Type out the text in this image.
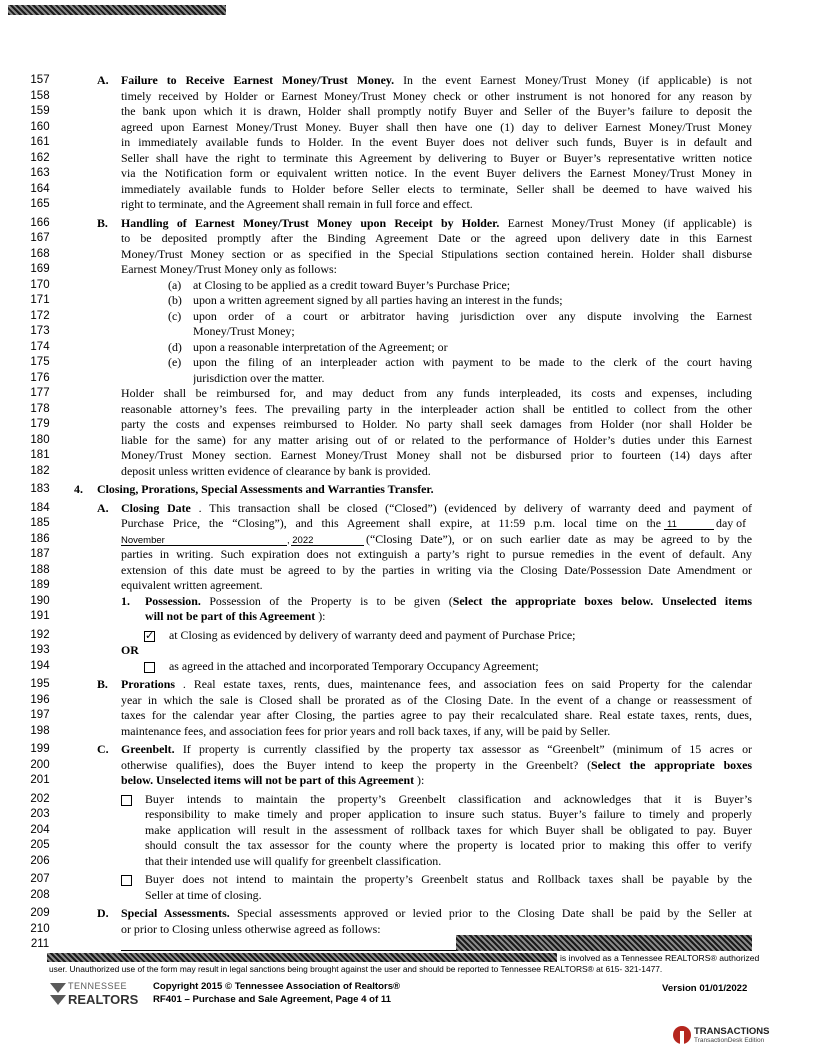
157	A. Failure to Receive Earnest Money/Trust Money. In the event Earnest Money/Trust Money (if applicable) is not
158	timely received by Holder or Earnest Money/Trust Money check or other instrument is not honored for any reason by
159	the bank upon which it is drawn, Holder shall promptly notify Buyer and Seller of the Buyer’s failure to deposit the
160	agreed upon Earnest Money/Trust Money. Buyer shall then have one (1) day to deliver Earnest Money/Trust Money
161	in immediately available funds to Holder. In the event Buyer does not deliver such funds, Buyer is in default and
162	Seller shall have the right to terminate this Agreement by delivering to Buyer or Buyer’s representative written notice
163	via the Notification form or equivalent written notice. In the event Buyer delivers the Earnest Money/Trust Money in
164	immediately available funds to Holder before Seller elects to terminate, Seller shall be deemed to have waived his
165	right to terminate, and the Agreement shall remain in full force and effect.
166	B. Handling of Earnest Money/Trust Money upon Receipt by Holder. Earnest Money/Trust Money (if applicable) is
167	to be deposited promptly after the Binding Agreement Date or the agreed upon delivery date in this Earnest
168	Money/Trust Money section or as specified in the Special Stipulations section contained herein. Holder shall disburse
169	Earnest Money/Trust Money only as follows:
170	(a) at Closing to be applied as a credit toward Buyer’s Purchase Price;
171	(b) upon a written agreement signed by all parties having an interest in the funds;
172	(c) upon order of a court or arbitrator having jurisdiction over any dispute involving the Earnest
173	Money/Trust Money;
174	(d) upon a reasonable interpretation of the Agreement; or
175	(e) upon the filing of an interpleader action with payment to be made to the clerk of the court having
176	jurisdiction over the matter.
177	Holder shall be reimbursed for, and may deduct from any funds interpleaded, its costs and expenses, including
178	reasonable attorney’s fees. The prevailing party in the interpleader action shall be entitled to collect from the other
179	party the costs and expenses reimbursed to Holder. No party shall seek damages from Holder (nor shall Holder be
180	liable for the same) for any matter arising out of or related to the performance of Holder’s duties under this Earnest
181	Money/Trust Money section. Earnest Money/Trust Money shall not be disbursed prior to fourteen (14) days after
182	deposit unless written evidence of clearance by bank is provided.
183	4. Closing, Prorations, Special Assessments and Warranties Transfer.
184	A. Closing Date . This transaction shall be closed (“Closed”) (evidenced by delivery of warranty deed and payment of
185	Purchase Price, the “Closing”), and this Agreement shall expire, at 11:59 p.m. local time on the 11	day of
186	November	, 2022	(“Closing Date”), or on such earlier date as may be agreed to by the
187	parties in writing. Such expiration does not extinguish a party’s right to pursue remedies in the event of default. Any
188	extension of this date must be agreed to by the parties in writing via the Closing Date/Possession Date Amendment or
189	equivalent written agreement.
190	1. Possession. Possession of the Property is to be given (Select the appropriate boxes below. Unselected items
191	will not be part of this Agreement ):
192 ✓	at Closing as evidenced by delivery of warranty deed and payment of Purchase Price;
193	OR
194	as agreed in the attached and incorporated Temporary Occupancy Agreement;
195	B. Prorations . Real estate taxes, rents, dues, maintenance fees, and association fees on said Property for the calendar
196	year in which the sale is Closed shall be prorated as of the Closing Date. In the event of a change or reassessment of
197	taxes for the calendar year after Closing, the parties agree to pay their recalculated share. Real estate taxes, rents, dues,
198	maintenance fees, and association fees for prior years and roll back taxes, if any, will be paid by Seller.
199	C. Greenbelt. If property is currently classified by the property tax assessor as “Greenbelt” (minimum of 15 acres or
200	otherwise qualifies), does the Buyer intend to keep the property in the Greenbelt? (Select the appropriate boxes
201	below. Unselected items will not be part of this Agreement ):
202	Buyer intends to maintain the property’s Greenbelt classification and acknowledges that it is Buyer’s
203	responsibility to make timely and proper application to insure such status. Buyer’s failure to timely and properly
204	make application will result in the assessment of rollback taxes for which Buyer shall be obligated to pay. Buyer
205	should consult the tax assessor for the county where the property is located prior to making this offer to verify
206	that their intended use will qualify for greenbelt classification.
207	Buyer does not intend to maintain the property’s Greenbelt status and Rollback taxes shall be payable by the
208	Seller at time of closing.
209	D. Special Assessments. Special assessments approved or levied prior to the Closing Date shall be paid by the Seller at
210	or prior to Closing unless otherwise agreed as follows:
211
is involved as a Tennessee REALTORS® authorized
user. Unauthorized use of the form may result in legal sanctions being brought against the user and should be reported to Tennessee REALTORS® at 615- 321-1477.
TENNESSEE
REALTORS
Copyright 2015 © Tennessee Association of Realtors®
RF401 – Purchase and Sale Agreement, Page 4 of 11
Version 01/01/2022
TRANSACTIONS
TransactionDesk Edition
